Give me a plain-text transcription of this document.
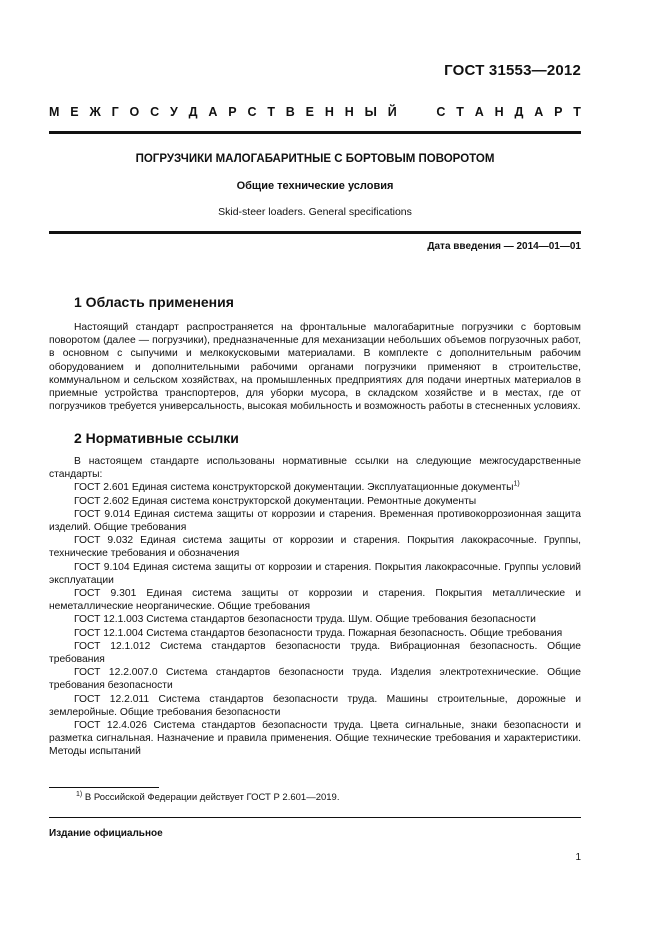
ГОСТ 31553—2012
М Е Ж Г О С У Д А Р С Т В Е Н Н Ы Й	С Т А Н Д А Р Т
ПОГРУЗЧИКИ МАЛОГАБАРИТНЫЕ С БОРТОВЫМ ПОВОРОТОМ
Общие технические условия
Skid-steer loaders. General specifications
Дата введения — 2014—01—01
1 Область применения

Настоящий стандарт распространяется на фронтальные малогабаритные погрузчики с бортовым поворотом (далее — погрузчики), предназначенные для механизации небольших объемов погрузочных работ, в основном с сыпучими и мелкокусковыми материалами. В комплекте с дополнительным рабочим оборудованием и дополнительными рабочими органами погрузчики применяют в строительстве, коммунальном и сельском хозяйствах, на промышленных предприятиях для подачи инертных материалов в приемные устройства транспортеров, для уборки мусора, в складском хозяйстве и в местах, где от погрузчиков требуется универсальность, высокая мобильность и возможность работы в стесненных условиях.

2 Нормативные ссылки

В настоящем стандарте использованы нормативные ссылки на следующие межгосударственные стандарты:

ГОСТ 2.601 Единая система конструкторской документации. Эксплуатационные документы$^{1)}$

ГОСТ 2.602 Единая система конструкторской документации. Ремонтные документы

ГОСТ 9.014 Единая система защиты от коррозии и старения. Временная противокоррозионная защита изделий. Общие требования

ГОСТ 9.032 Единая система защиты от коррозии и старения. Покрытия лакокрасочные. Группы, технические требования и обозначения

ГОСТ 9.104 Единая система защиты от коррозии и старения. Покрытия лакокрасочные. Группы условий эксплуатации

ГОСТ 9.301 Единая система защиты от коррозии и старения. Покрытия металлические и неметаллические неорганические. Общие требования

ГОСТ 12.1.003 Система стандартов безопасности труда. Шум. Общие требования безопасности

ГОСТ 12.1.004 Система стандартов безопасности труда. Пожарная безопасность. Общие требования

ГОСТ 12.1.012 Система стандартов безопасности труда. Вибрационная безопасность. Общие требования

ГОСТ 12.2.007.0 Система стандартов безопасности труда. Изделия электротехнические. Общие требования безопасности

ГОСТ 12.2.011 Система стандартов безопасности труда. Машины строительные, дорожные и землеройные. Общие требования безопасности

ГОСТ 12.4.026 Система стандартов безопасности труда. Цвета сигнальные, знаки безопасности и разметка сигнальная. Назначение и правила применения. Общие технические требования и характеристики. Методы испытаний

$^{1)}$ В Российской Федерации действует ГОСТ Р 2.601—2019.
Издание официальное
1
